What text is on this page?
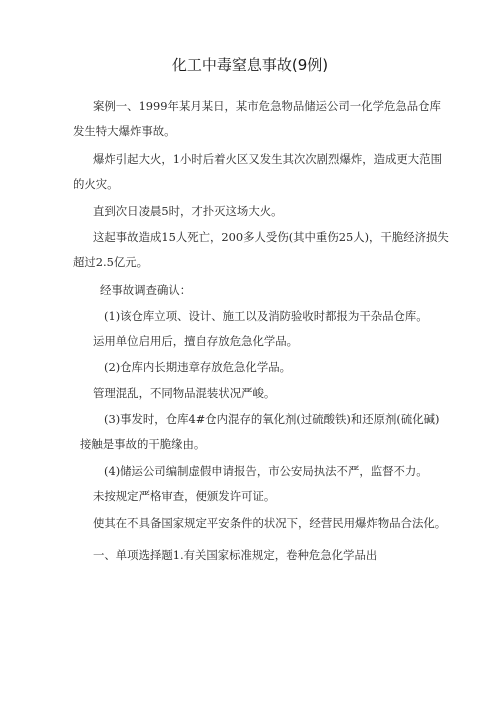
化工中毒窒息事故(9例)
案例一、1999年某月某日，某市危急物品储运公司一化学危急品仓库
发生特大爆炸事故。
爆炸引起大火，1小时后着火区又发生其次次剧烈爆炸，造成更大范围
的火灾。
直到次日凌晨5时，才扑灭这场大火。
这起事故造成15人死亡，200多人受伤(其中重伤25人)，干脆经济损失
超过2.5亿元。
经事故调查确认：
(1)该仓库立项、设计、施工以及消防验收时都报为干杂品仓库。
运用单位启用后，擅自存放危急化学品。
(2)仓库内长期违章存放危急化学品。
管理混乱，不同物品混装状况严峻。
(3)事发时，仓库4#仓内混存的氧化剂(过硫酸铁)和还原剂(硫化碱)
接触是事故的干脆缘由。
(4)储运公司编制虚假申请报告，市公安局执法不严，监督不力。
未按规定严格审查，便颁发许可证。
使其在不具备国家规定平安条件的状况下，经营民用爆炸物品合法化。
一、单项选择题1.有关国家标准规定，卷种危急化学品出
